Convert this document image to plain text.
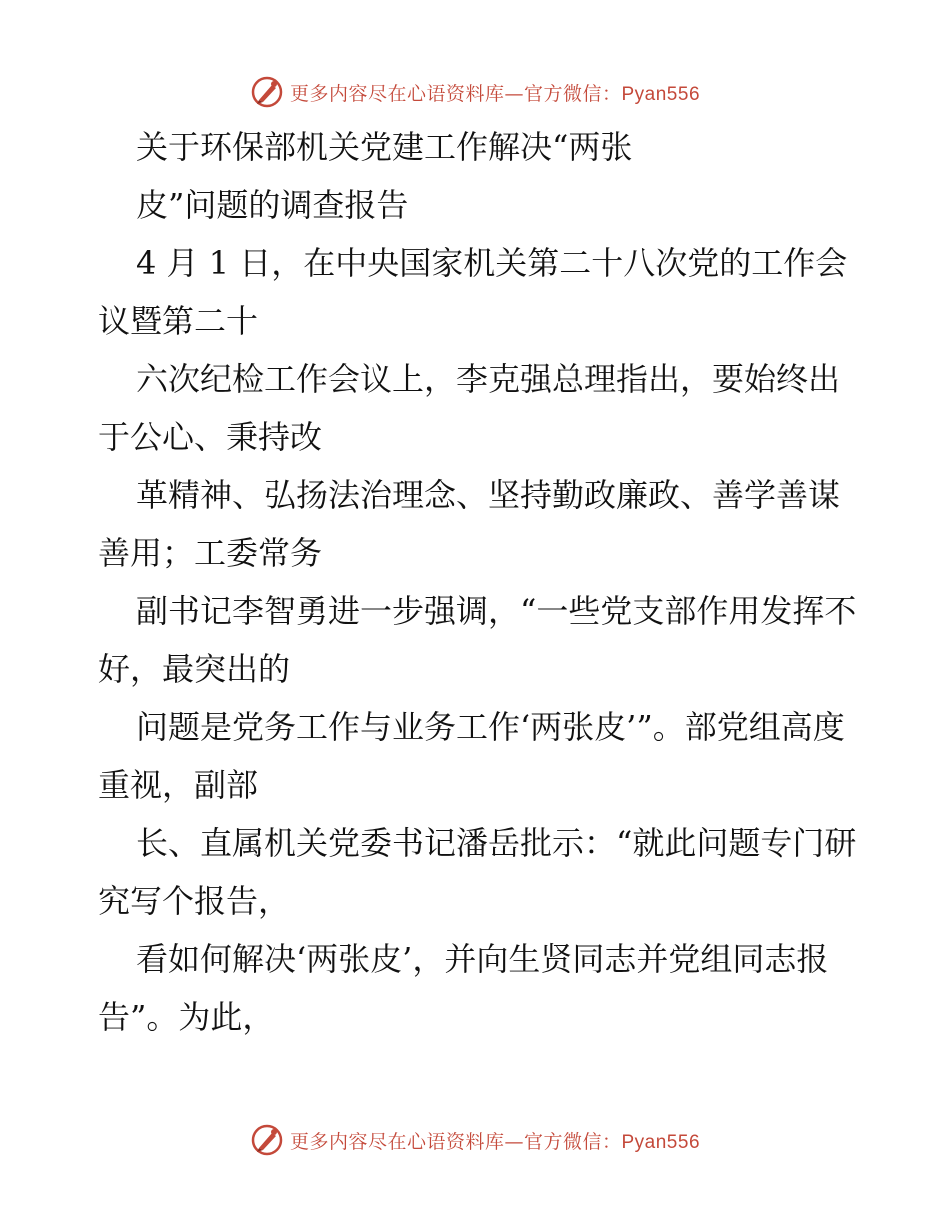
更多内容尽在心语资料库—官方微信：Pyan556

关于环保部机关党建工作解决“两张

皮”问题的调查报告

4 月 1 日，在中央国家机关第二十八次党的工作会议暨第二十

六次纪检工作会议上，李克强总理指出，要始终出于公心、秉持改

革精神、弘扬法治理念、坚持勤政廉政、善学善谋善用；工委常务

副书记李智勇进一步强调，“一些党支部作用发挥不好，最突出的

问题是党务工作与业务工作‘两张皮’”。部党组高度重视，副部

长、直属机关党委书记潘岳批示：“就此问题专门研究写个报告，

看如何解决‘两张皮’，并向生贤同志并党组同志报告”。为此，

更多内容尽在心语资料库—官方微信：Pyan556
